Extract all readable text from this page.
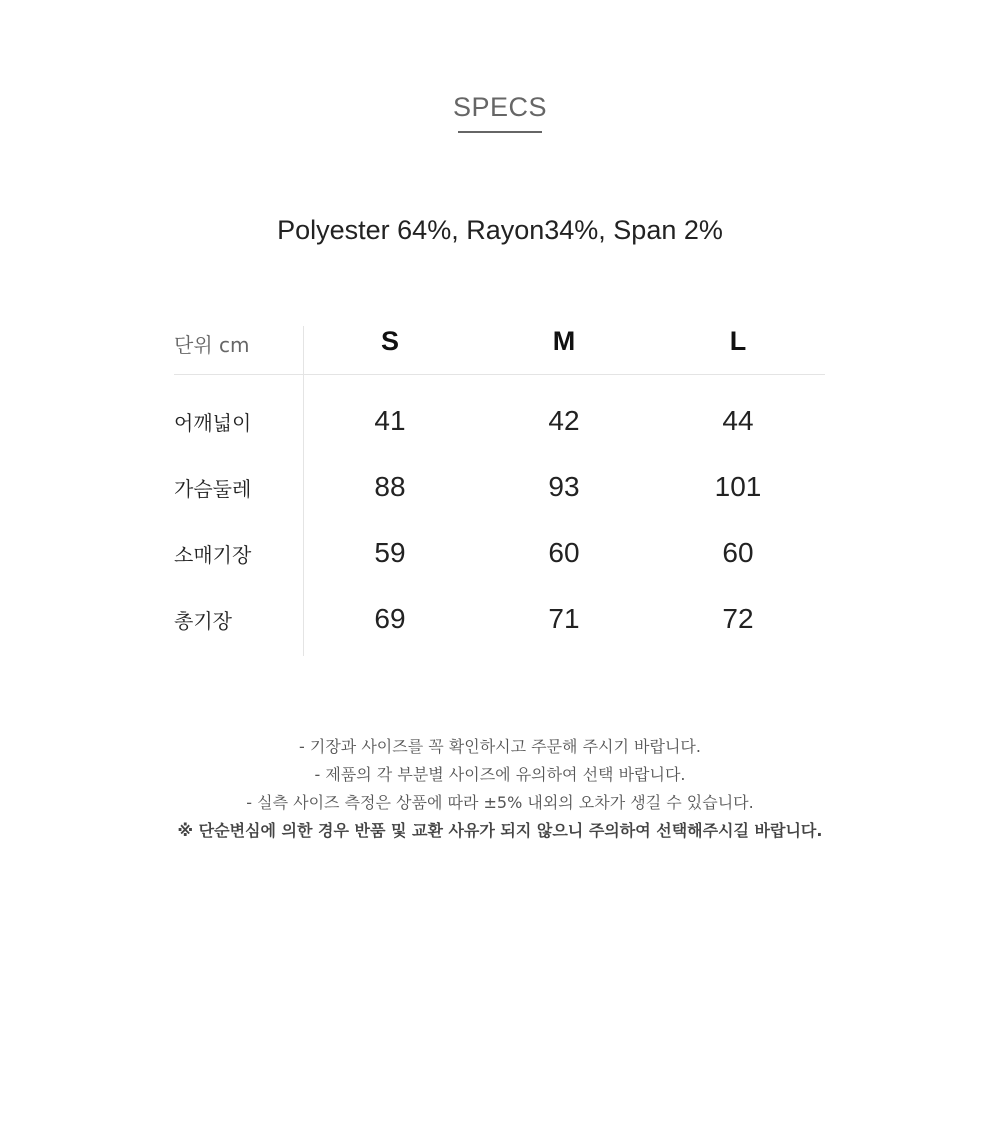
SPECS
Polyester 64%, Rayon34%, Span 2%
단위 cm	S	M	L
어깨넓이	41	42	44
가슴둘레	88	93	101
소매기장	59	60	60
총기장	69	71	72
- 기장과 사이즈를 꼭 확인하시고 주문해 주시기 바랍니다.
- 제품의 각 부분별 사이즈에 유의하여 선택 바랍니다.
- 실측 사이즈 측정은 상품에 따라 ±5% 내외의 오차가 생길 수 있습니다.
※ 단순변심에 의한 경우 반품 및 교환 사유가 되지 않으니 주의하여 선택해주시길 바랍니다.
